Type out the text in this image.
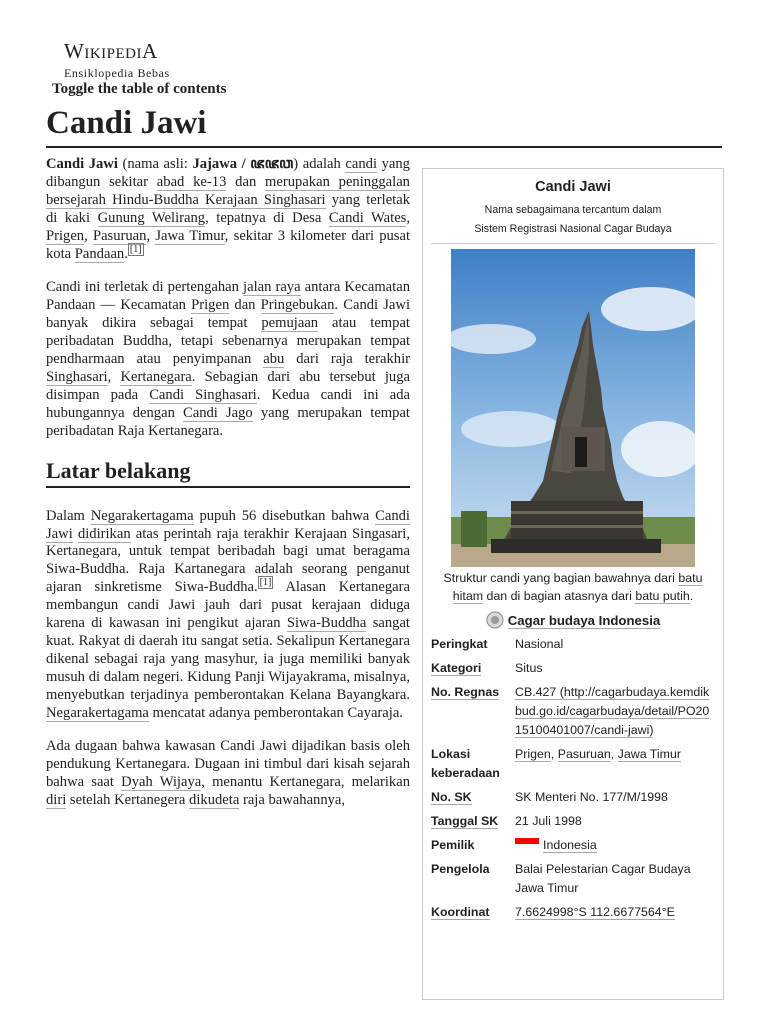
WIKIPEDIA
Ensiklopedia Bebas
Toggle the table of contents
Candi Jawi

Candi Jawi (nama asli: Jajawa / ꦗꦗꦮ) adalah candi yang dibangun sekitar abad ke-13 dan merupakan peninggalan bersejarah Hindu-Buddha Kerajaan Singhasari yang terletak di kaki Gunung Welirang, tepatnya di Desa Candi Wates, Prigen, Pasuruan, Jawa Timur, sekitar 3 kilometer dari pusat kota Pandaan. [1]

Candi ini terletak di pertengahan jalan raya antara Kecamatan Pandaan — Kecamatan Prigen dan Pringebukan. Candi Jawi banyak dikira sebagai tempat pemujaan atau tempat peribadatan Buddha, tetapi sebenarnya merupakan tempat pendharmaan atau penyimpanan abu dari raja terakhir Singhasari, Kertanegara. Sebagian dari abu tersebut juga disimpan pada Candi Singhasari. Kedua candi ini ada hubungannya dengan Candi Jago yang merupakan tempat peribadatan Raja Kertanegara.

Latar belakang

Dalam Negarakertagama pupuh 56 disebutkan bahwa Candi Jawi didirikan atas perintah raja terakhir Kerajaan Singasari, Kertanegara, untuk tempat beribadah bagi umat beragama Siwa-Buddha. Raja Kartanegara adalah seorang penganut ajaran sinkretisme Siwa-Buddha. [1] Alasan Kertanegara membangun candi Jawi jauh dari pusat kerajaan diduga karena di kawasan ini pengikut ajaran Siwa-Buddha sangat kuat. Rakyat di daerah itu sangat setia. Sekalipun Kertanegara dikenal sebagai raja yang masyhur, ia juga memiliki banyak musuh di dalam negeri. Kidung Panji Wijayakrama, misalnya, menyebutkan terjadinya pemberontakan Kelana Bayangkara. Negarakertagama mencatat adanya pemberontakan Cayaraja.

Ada dugaan bahwa kawasan Candi Jawi dijadikan basis oleh pendukung Kertanegara. Dugaan ini timbul dari kisah sejarah bahwa saat Dyah Wijaya, menantu Kertanegara, melarikan diri setelah Kertanegera dikudeta raja bawahannya,

Candi Jawi
Nama sebagaimana tercantum dalam
Sistem Registrasi Nasional Cagar Budaya
Struktur candi yang bagian bawahnya dari batu hitam dan di bagian atasnya dari batu putih.
Cagar budaya Indonesia
Peringkat	Nasional
Kategori	Situs
No. Regnas	CB.427 (http://cagarbudaya.kemdikbud.go.id/cagarbudaya/detail/PO2015100401007/candi-jawi)
Lokasi keberadaan	Prigen, Pasuruan, Jawa Timur
No. SK	SK Menteri No. 177/M/1998
Tanggal SK	21 Juli 1998
Pemilik	Indonesia
Pengelola	Balai Pelestarian Cagar Budaya Jawa Timur
Koordinat	7.6624998°S 112.6677564°E
